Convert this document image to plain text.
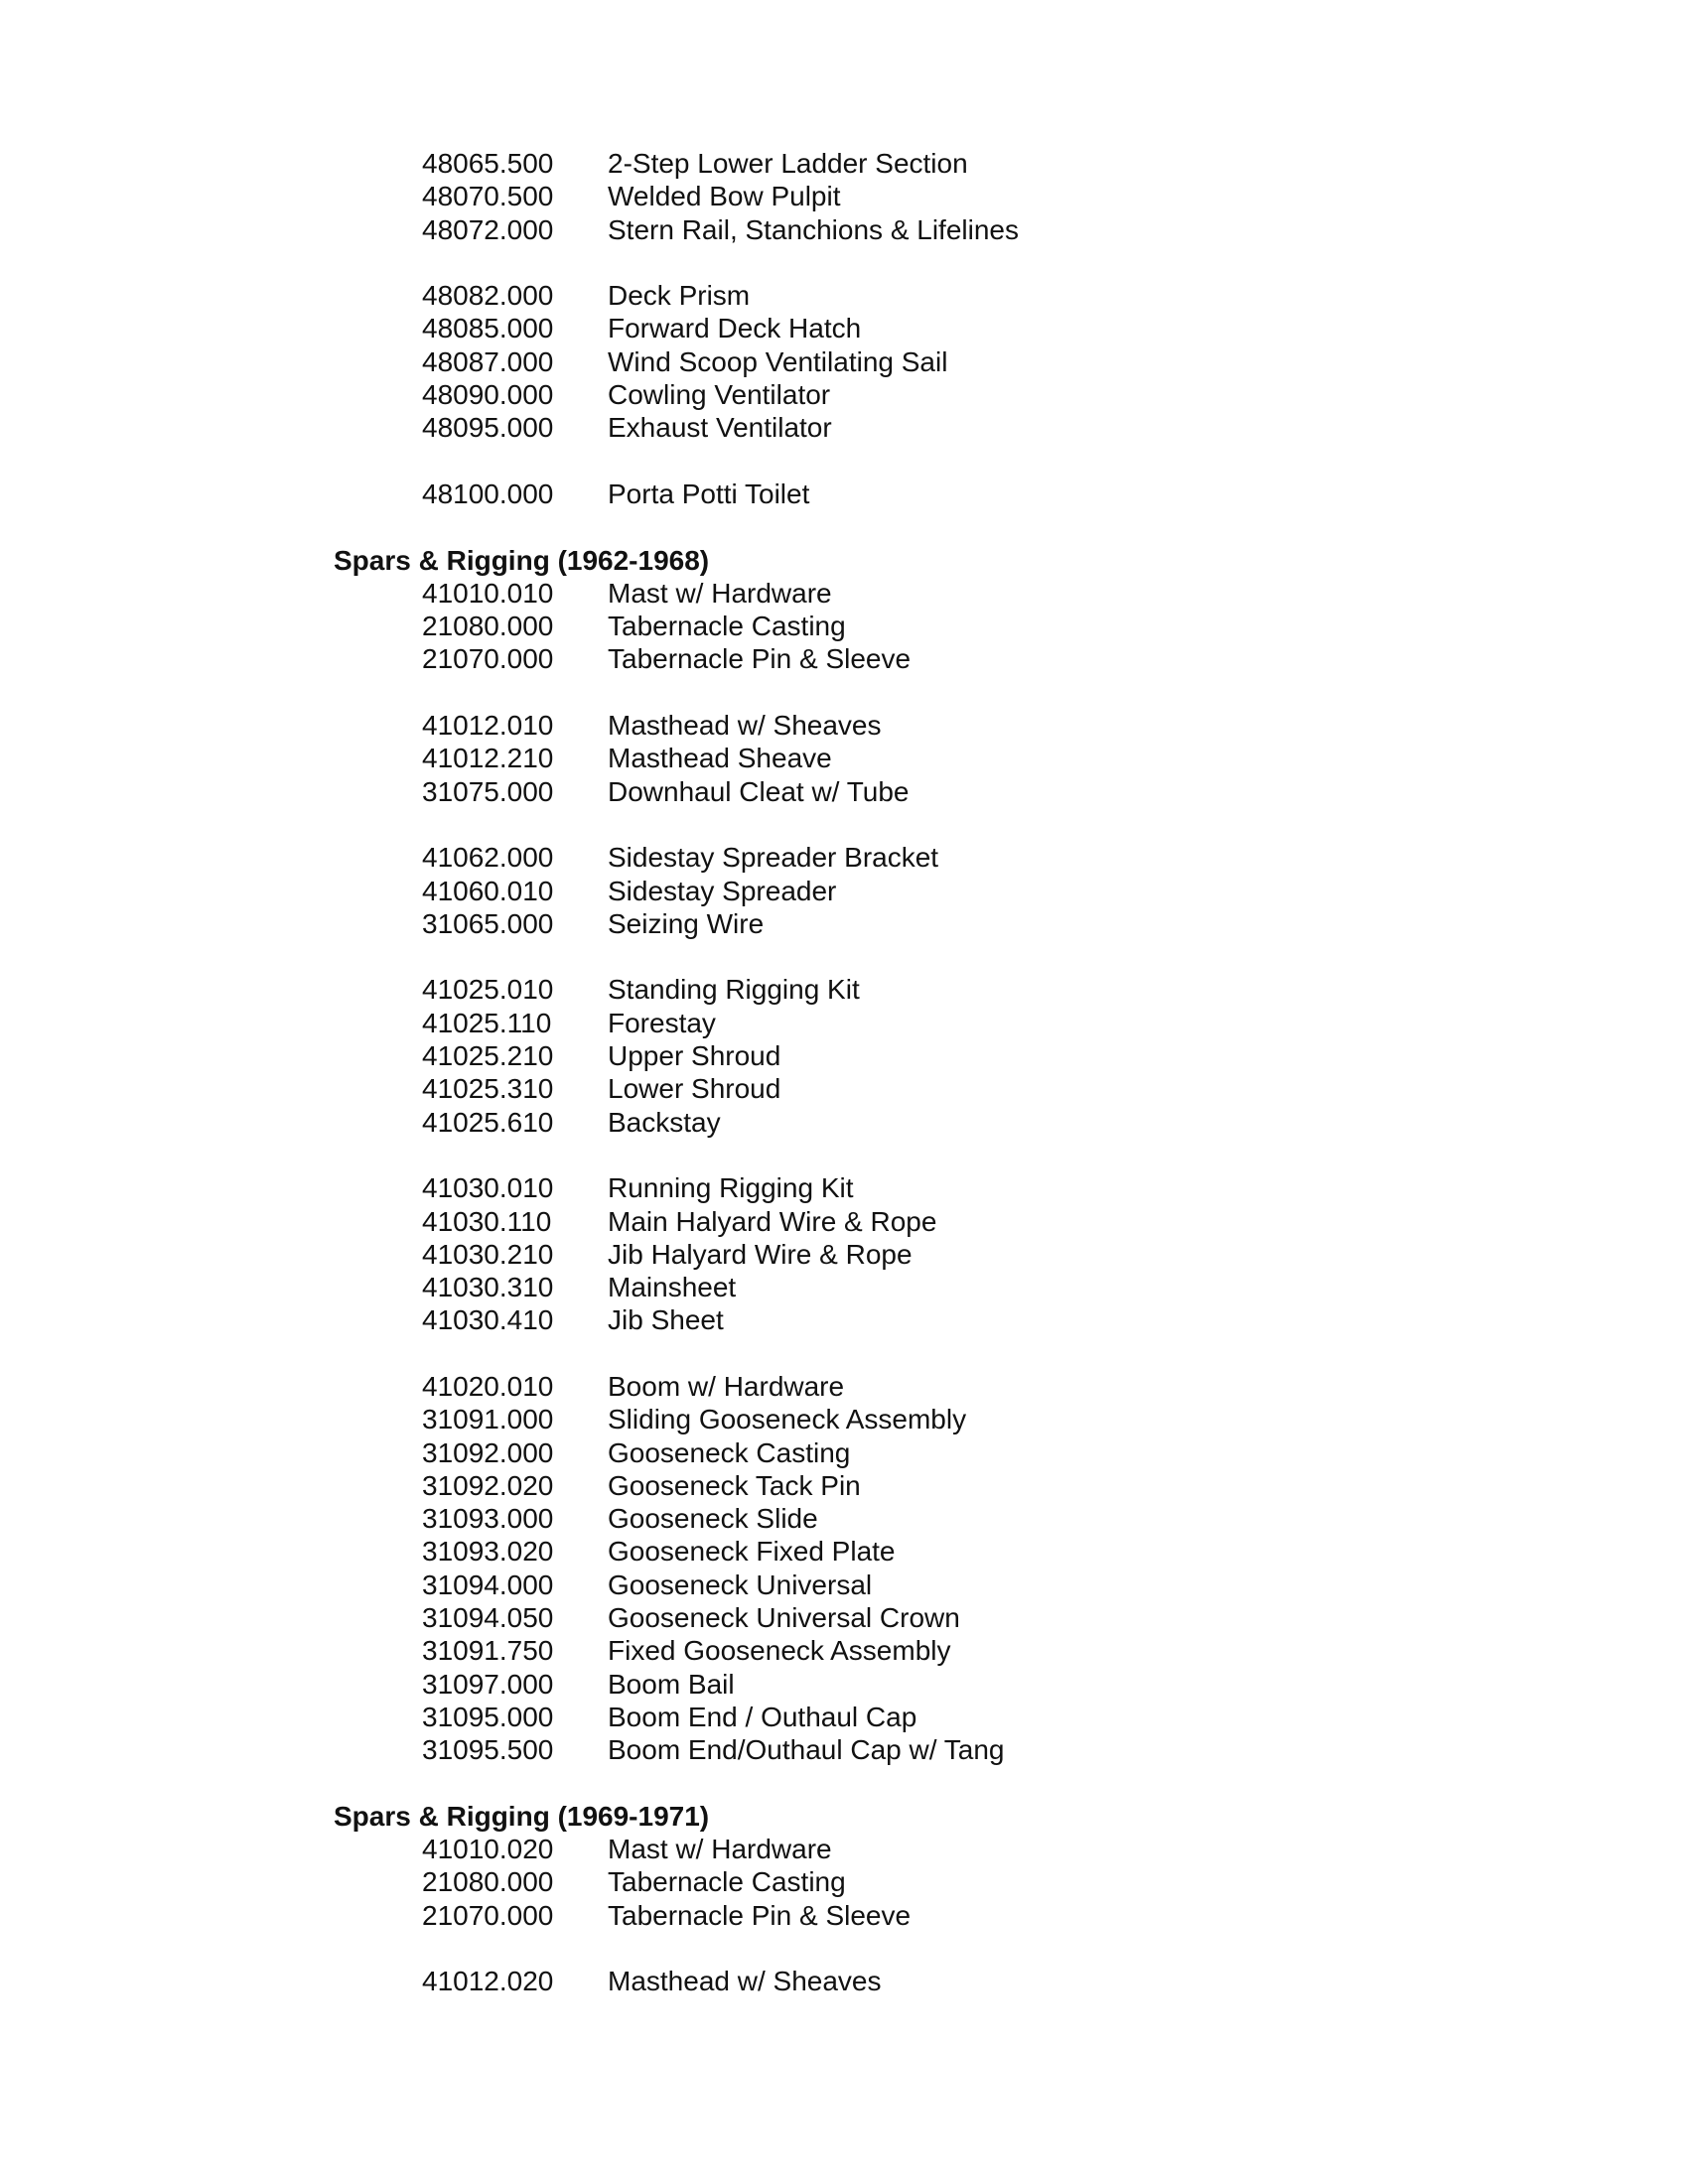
48065.500 2-Step Lower Ladder Section
48070.500 Welded Bow Pulpit
48072.000 Stern Rail, Stanchions & Lifelines
48082.000 Deck Prism
48085.000 Forward Deck Hatch
48087.000 Wind Scoop Ventilating Sail
48090.000 Cowling Ventilator
48095.000 Exhaust Ventilator
48100.000 Porta Potti Toilet
Spars & Rigging (1962-1968)
41010.010 Mast w/ Hardware
21080.000 Tabernacle Casting
21070.000 Tabernacle Pin & Sleeve
41012.010 Masthead w/ Sheaves
41012.210 Masthead Sheave
31075.000 Downhaul Cleat w/ Tube
41062.000 Sidestay Spreader Bracket
41060.010 Sidestay Spreader
31065.000 Seizing Wire
41025.010 Standing Rigging Kit
41025.110 Forestay
41025.210 Upper Shroud
41025.310 Lower Shroud
41025.610 Backstay
41030.010 Running Rigging Kit
41030.110 Main Halyard Wire & Rope
41030.210 Jib Halyard Wire & Rope
41030.310 Mainsheet
41030.410 Jib Sheet
41020.010 Boom w/ Hardware
31091.000 Sliding Gooseneck Assembly
31092.000 Gooseneck Casting
31092.020 Gooseneck Tack Pin
31093.000 Gooseneck Slide
31093.020 Gooseneck Fixed Plate
31094.000 Gooseneck Universal
31094.050 Gooseneck Universal Crown
31091.750 Fixed Gooseneck Assembly
31097.000 Boom Bail
31095.000 Boom End / Outhaul Cap
31095.500 Boom End/Outhaul Cap w/ Tang
Spars & Rigging (1969-1971)
41010.020 Mast w/ Hardware
21080.000 Tabernacle Casting
21070.000 Tabernacle Pin & Sleeve
41012.020 Masthead w/ Sheaves
